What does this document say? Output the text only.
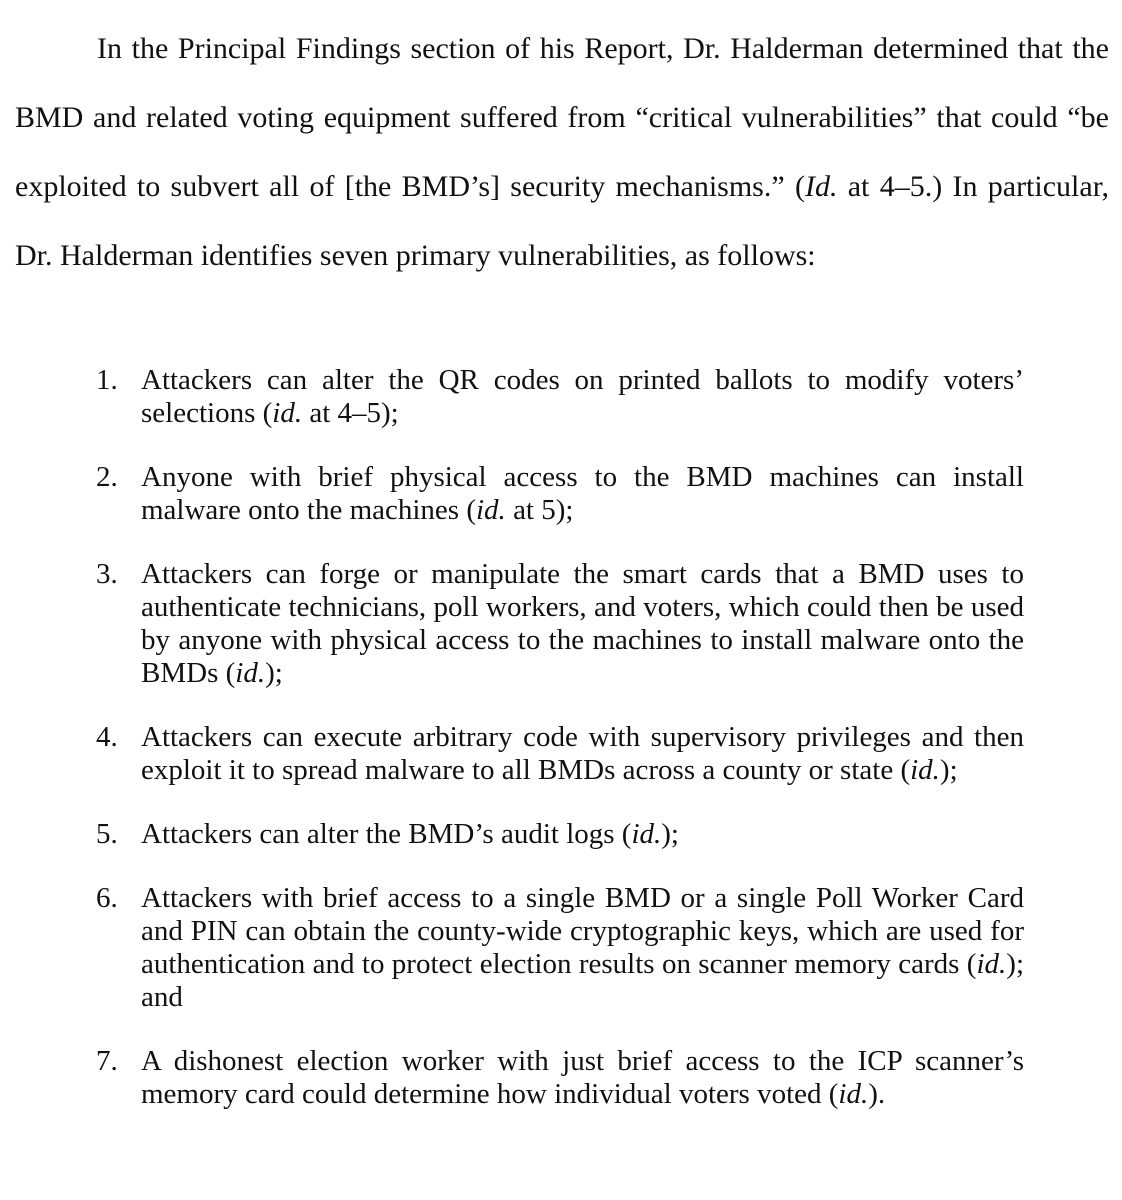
In the Principal Findings section of his Report, Dr. Halderman determined that the BMD and related voting equipment suffered from “critical vulnerabilities” that could “be exploited to subvert all of [the BMD’s] security mechanisms.” (Id. at 4–5.) In particular, Dr. Halderman identifies seven primary vulnerabilities, as follows:

1. Attackers can alter the QR codes on printed ballots to modify voters’ selections (id. at 4–5);
2. Anyone with brief physical access to the BMD machines can install malware onto the machines (id. at 5);
3. Attackers can forge or manipulate the smart cards that a BMD uses to authenticate technicians, poll workers, and voters, which could then be used by anyone with physical access to the machines to install malware onto the BMDs (id.);
4. Attackers can execute arbitrary code with supervisory privileges and then exploit it to spread malware to all BMDs across a county or state (id.);
5. Attackers can alter the BMD’s audit logs (id.);
6. Attackers with brief access to a single BMD or a single Poll Worker Card and PIN can obtain the county-wide cryptographic keys, which are used for authentication and to protect election results on scanner memory cards (id.); and
7. A dishonest election worker with just brief access to the ICP scanner’s memory card could determine how individual voters voted (id.).
